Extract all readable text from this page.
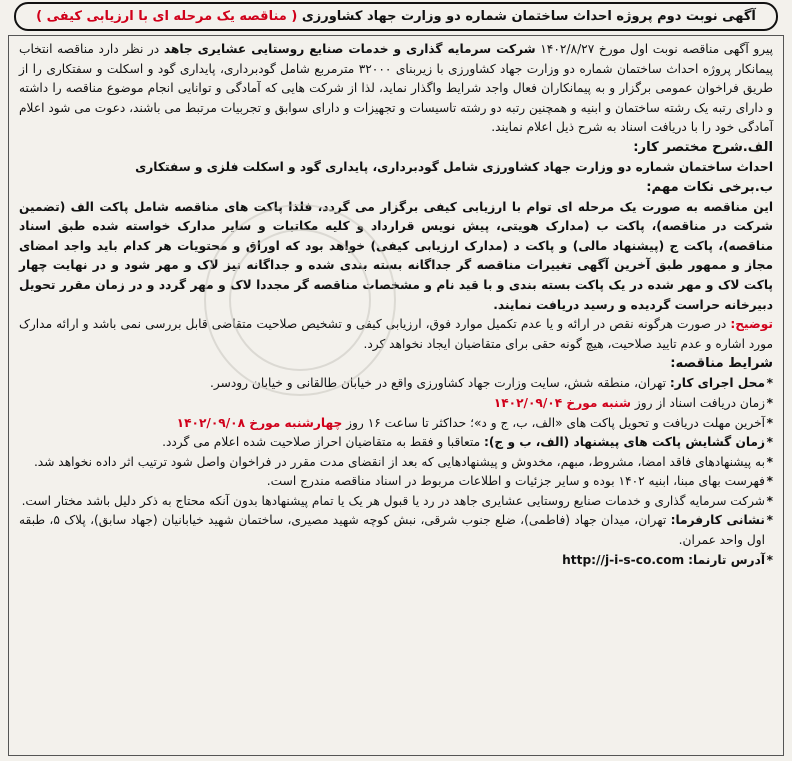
آگهی نوبت دوم پروژه احداث ساختمان شماره دو وزارت جهاد کشاورزی ( مناقصه یک مرحله ای با ارزیابی کیفی )

پیرو آگهی مناقصه نوبت اول مورخ ۱۴۰۲/۸/۲۷ شرکت سرمایه گذاری و خدمات صنایع روستایی عشایری جاهد در نظر دارد مناقصه انتخاب پیمانکار پروژه احداث ساختمان شماره دو وزارت جهاد کشاورزی با زیربنای ۳۲۰۰۰ مترمربع شامل گودبرداری، پایداری گود و اسکلت و سفتکاری را از طریق فراخوان عمومی برگزار و به پیمانکاران فعال واجد شرایط واگذار نماید، لذا از شرکت هایی که آمادگی و توانایی انجام موضوع مناقصه را داشته و دارای رتبه یک رشته ساختمان و ابنیه و همچنین رتبه دو رشته تاسیسات و تجهیزات و دارای سوابق و تجربیات مرتبط می باشند، دعوت می شود اعلام آمادگی خود را با دریافت اسناد به شرح ذیل اعلام نمایند.

الف.شرح مختصر کار:

احداث ساختمان شماره دو وزارت جهاد کشاورزی شامل گودبرداری، پایداری گود و اسکلت فلزی و سفتکاری

ب.برخی نکات مهم:

این مناقصه به صورت یک مرحله ای توام با ارزیابی کیفی برگزار می گردد، فلذا پاکت های مناقصه شامل پاکت الف (تضمین شرکت در مناقصه)، پاکت ب (مدارک هویتی، پیش نویس قرارداد و کلیه مکاتبات و سایر مدارک خواسته شده طبق اسناد مناقصه)، پاکت ج (پیشنهاد مالی) و پاکت د (مدارک ارزیابی کیفی) خواهد بود که اوراق و محتویات هر کدام باید واجد امضای مجاز و ممهور طبق آخرین آگهی تغییرات مناقصه گر جداگانه بسته بندی شده و جداگانه نیز لاک و مهر شود و در نهایت چهار پاکت لاک و مهر شده در یک پاکت بسته بندی و با قید نام و مشخصات مناقصه گر مجددا لاک و مهر گردد و در زمان مقرر تحویل دبیرخانه حراست گردیده و رسید دریافت نمایند.

توضیح: در صورت هرگونه نقص در ارائه و یا عدم تکمیل موارد فوق، ارزیابی کیفی و تشخیص صلاحیت متقاضی قابل بررسی نمی باشد و ارائه مدارک مورد اشاره و عدم تایید صلاحیت، هیچ گونه حقی برای متقاضیان ایجاد نخواهد کرد.

شرایط مناقصه:

* محل اجرای کار: تهران، منطقه شش، سایت وزارت جهاد کشاورزی واقع در خیابان طالقانی و خیابان رودسر.

* زمان دریافت اسناد از روز شنبه مورخ ۱۴۰۲/۰۹/۰۴

* آخرین مهلت دریافت و تحویل پاکت های «الف، ب، ج و د»؛ حداکثر تا ساعت ۱۶ روز چهارشنبه مورخ ۱۴۰۲/۰۹/۰۸

* زمان گشایش پاکت های پیشنهاد (الف، ب و ج): متعاقبا و فقط به متقاضیان احراز صلاحیت شده اعلام می گردد.

* به پیشنهادهای فاقد امضا، مشروط، مبهم، مخدوش و پیشنهادهایی که بعد از انقضای مدت مقرر در فراخوان واصل شود ترتیب اثر داده نخواهد شد.

* فهرست بهای مبنا، ابنیه ۱۴۰۲ بوده و سایر جزئیات و اطلاعات مربوط در اسناد مناقصه مندرج است.

* شرکت سرمایه گذاری و خدمات صنایع روستایی عشایری جاهد در رد یا قبول هر یک یا تمام پیشنهادها بدون آنکه محتاج به ذکر دلیل باشد مختار است.

* نشانی کارفرما: تهران، میدان جهاد (فاطمی)، ضلع جنوب شرقی، نبش کوچه شهید مصیری، ساختمان شهید خیابانیان (جهاد سابق)، پلاک ۵، طبقه اول واحد عمران.

* آدرس تارنما: http://j-i-s-co.com
